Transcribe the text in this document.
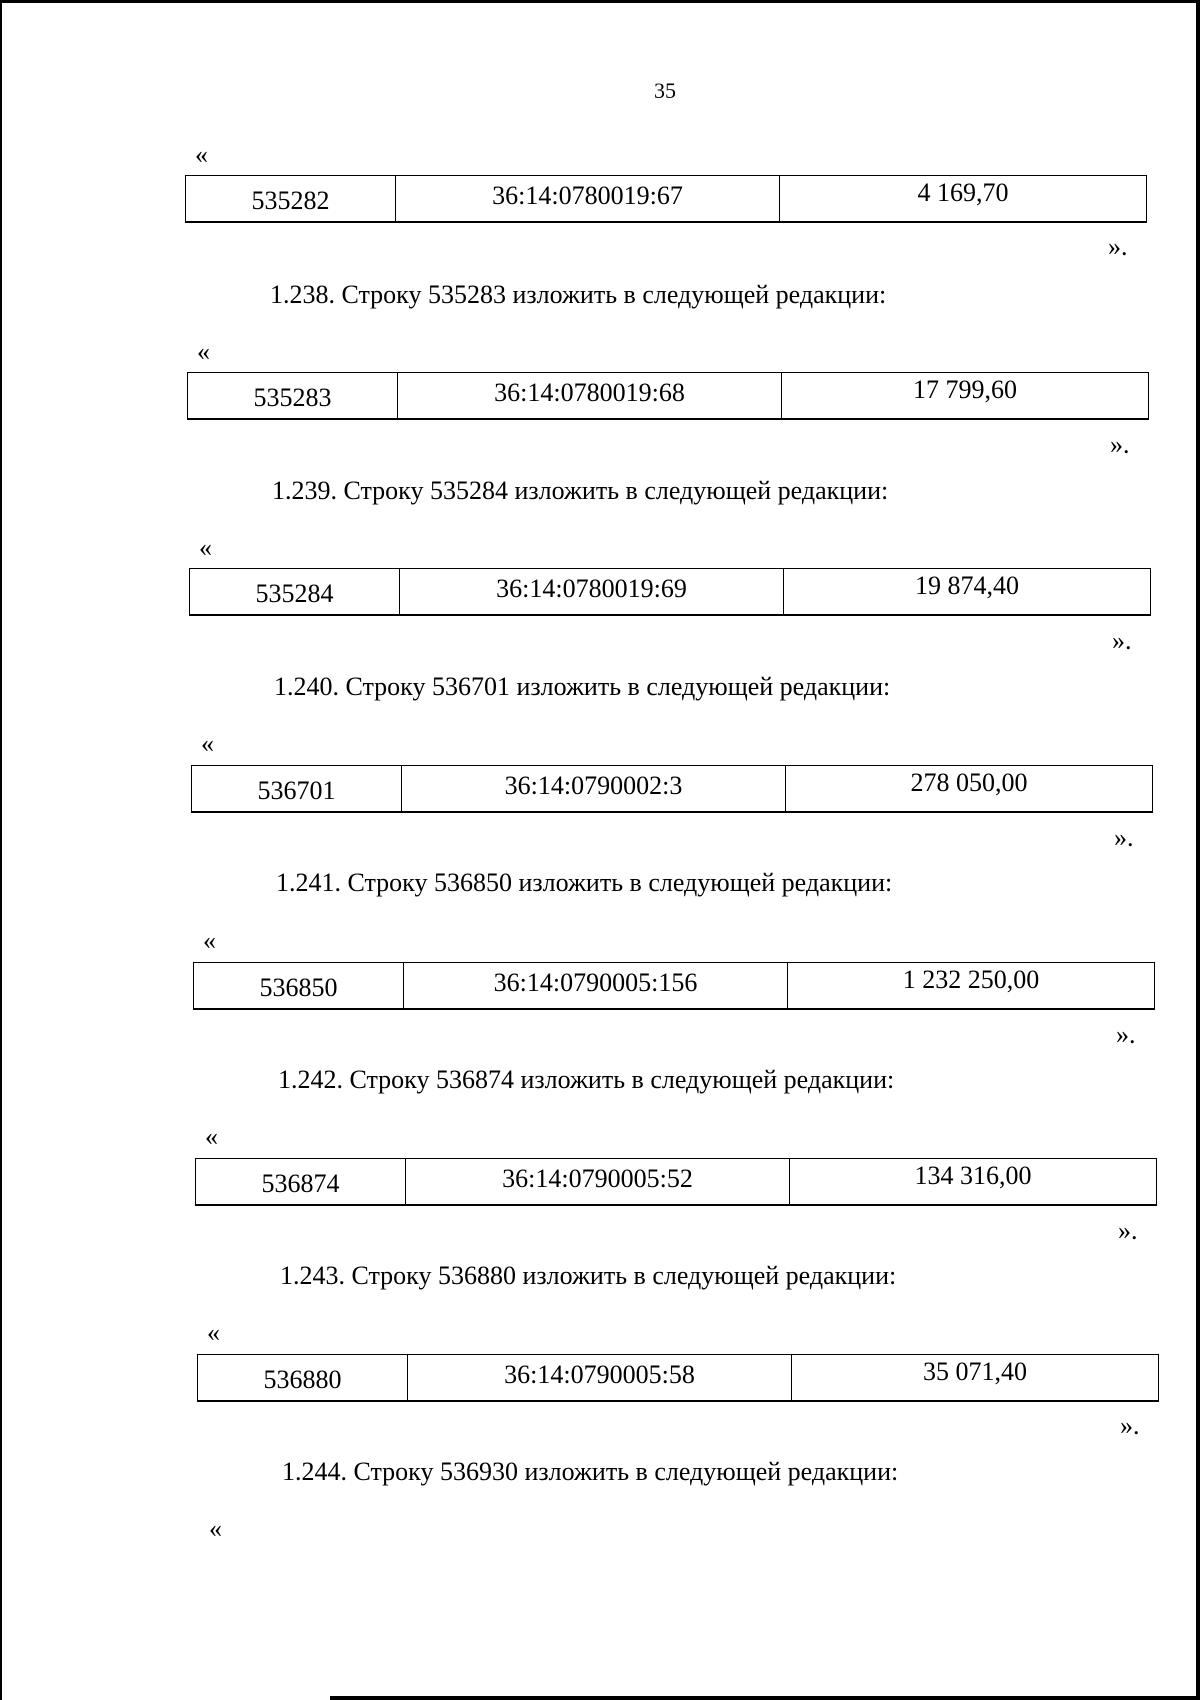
35
«
535282	36:14:0780019:67	4 169,70
».
1.238. Строку 535283 изложить в следующей редакции:
«
535283	36:14:0780019:68	17 799,60
».
1.239. Строку 535284 изложить в следующей редакции:
«
535284	36:14:0780019:69	19 874,40
».
1.240. Строку 536701 изложить в следующей редакции:
«
536701	36:14:0790002:3	278 050,00
».
1.241. Строку 536850 изложить в следующей редакции:
«
536850	36:14:0790005:156	1 232 250,00
».
1.242. Строку 536874 изложить в следующей редакции:
«
536874	36:14:0790005:52	134 316,00
».
1.243. Строку 536880 изложить в следующей редакции:
«
536880	36:14:0790005:58	35 071,40
».
1.244. Строку 536930 изложить в следующей редакции:
«
